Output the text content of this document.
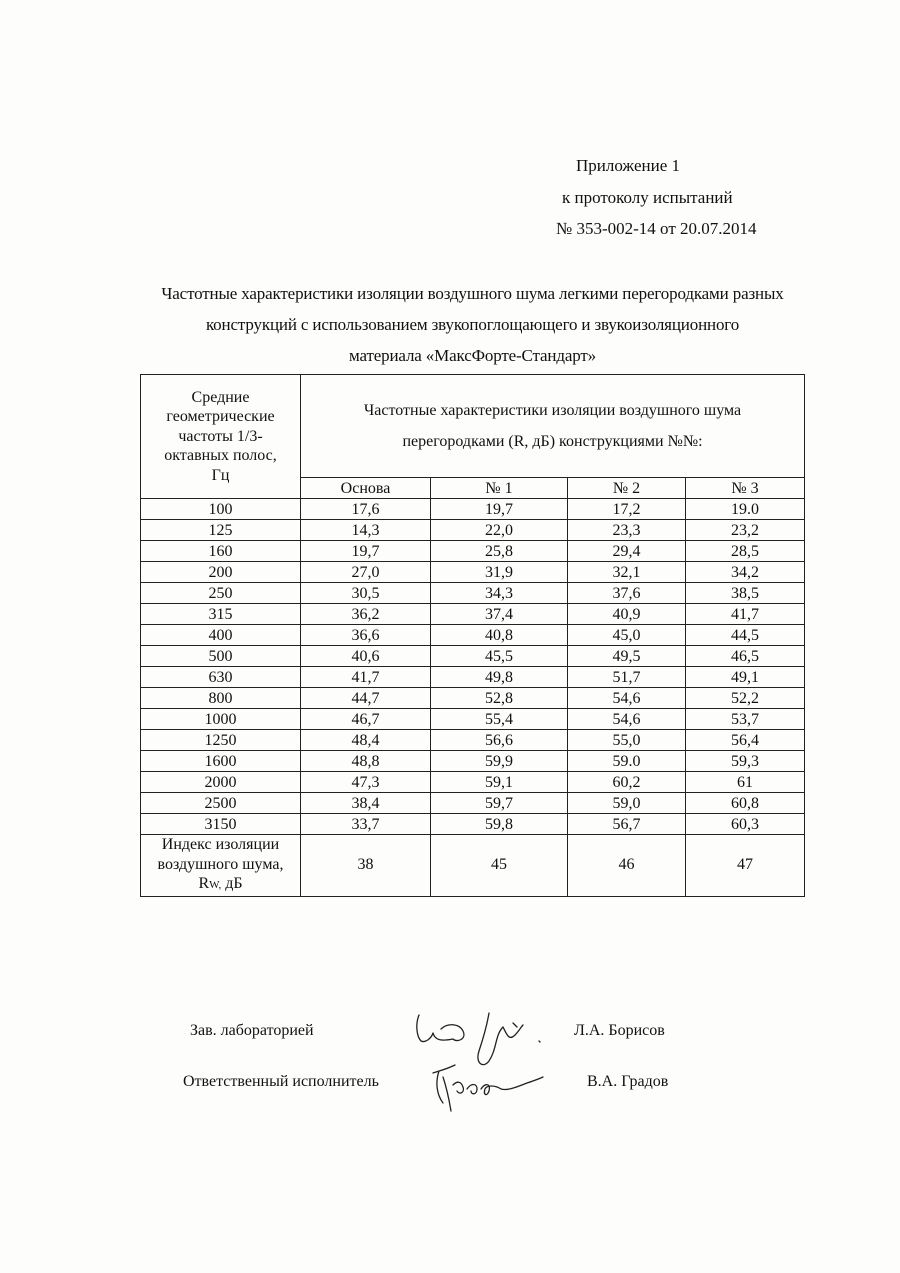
Приложение 1
к протоколу испытаний
№ 353-002-14 от 20.07.2014
Частотные характеристики изоляции воздушного шума легкими перегородками разных
конструкций с использованием звукопоглощающего и звукоизоляционного
материала «МаксФорте-Стандарт»
Средние
геометрические
частоты 1/3-
октавных полос,
Гц

Частотные характеристики изоляции воздушного шума
перегородками (R, дБ) конструкциями №№:

	Основа	№ 1	№ 2	№ 3
100	17,6	19,7	17,2	19.0
125	14,3	22,0	23,3	23,2
160	19,7	25,8	29,4	28,5
200	27,0	31,9	32,1	34,2
250	30,5	34,3	37,6	38,5
315	36,2	37,4	40,9	41,7
400	36,6	40,8	45,0	44,5
500	40,6	45,5	49,5	46,5
630	41,7	49,8	51,7	49,1
800	44,7	52,8	54,6	52,2
1000	46,7	55,4	54,6	53,7
1250	48,4	56,6	55,0	56,4
1600	48,8	59,9	59.0	59,3
2000	47,3	59,1	60,2	61
2500	38,4	59,7	59,0	60,8
3150	33,7	59,8	56,7	60,3

Индекс изоляции
воздушного шума,
RW, дБ	38	45	46	47
Зав. лабораторией	Л.А. Борисов
Ответственный исполнитель	В.А. Градов
